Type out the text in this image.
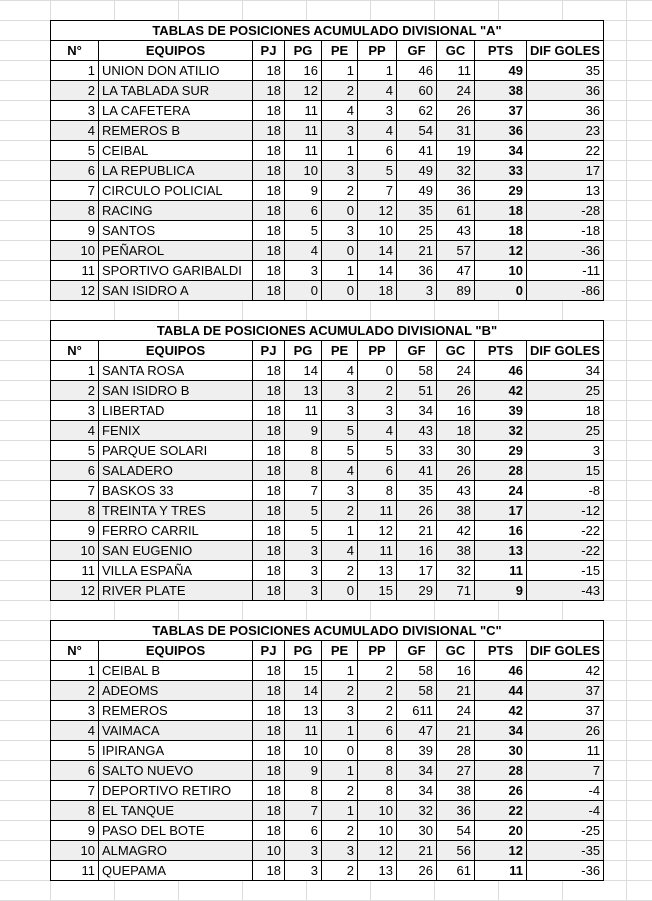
TABLAS DE POSICIONES ACUMULADO DIVISIONAL "A"									
N°	EQUIPOS	PJ	PG	PE	PP	GF	GC	PTS	DIF GOLES
1	UNION DON ATILIO	18	16	1	1	46	11	49	35
2	LA TABLADA SUR	18	12	2	4	60	24	38	36
3	LA CAFETERA	18	11	4	3	62	26	37	36
4	REMEROS B	18	11	3	4	54	31	36	23
5	CEIBAL	18	11	1	6	41	19	34	22
6	LA REPUBLICA	18	10	3	5	49	32	33	17
7	CIRCULO POLICIAL	18	9	2	7	49	36	29	13
8	RACING	18	6	0	12	35	61	18	-28
9	SANTOS	18	5	3	10	25	43	18	-18
10	PEÑAROL	18	4	0	14	21	57	12	-36
11	SPORTIVO GARIBALDI	18	3	1	14	36	47	10	-11
12	SAN ISIDRO A	18	0	0	18	3	89	0	-86
TABLA DE POSICIONES ACUMULADO DIVISIONAL "B"									
N°	EQUIPOS	PJ	PG	PE	PP	GF	GC	PTS	DIF GOLES
1	SANTA ROSA	18	14	4	0	58	24	46	34
2	SAN ISIDRO B	18	13	3	2	51	26	42	25
3	LIBERTAD	18	11	3	3	34	16	39	18
4	FENIX	18	9	5	4	43	18	32	25
5	PARQUE SOLARI	18	8	5	5	33	30	29	3
6	SALADERO	18	8	4	6	41	26	28	15
7	BASKOS 33	18	7	3	8	35	43	24	-8
8	TREINTA Y TRES	18	5	2	11	26	38	17	-12
9	FERRO CARRIL	18	5	1	12	21	42	16	-22
10	SAN EUGENIO	18	3	4	11	16	38	13	-22
11	VILLA ESPAÑA	18	3	2	13	17	32	11	-15
12	RIVER PLATE	18	3	0	15	29	71	9	-43
TABLAS DE POSICIONES ACUMULADO DIVISIONAL "C"									
N°	EQUIPOS	PJ	PG	PE	PP	GF	GC	PTS	DIF GOLES
1	CEIBAL B	18	15	1	2	58	16	46	42
2	ADEOMS	18	14	2	2	58	21	44	37
3	REMEROS	18	13	3	2	611	24	42	37
4	VAIMACA	18	11	1	6	47	21	34	26
5	IPIRANGA	18	10	0	8	39	28	30	11
6	SALTO NUEVO	18	9	1	8	34	27	28	7
7	DEPORTIVO RETIRO	18	8	2	8	34	38	26	-4
8	EL TANQUE	18	7	1	10	32	36	22	-4
9	PASO DEL BOTE	18	6	2	10	30	54	20	-25
10	ALMAGRO	10	3	3	12	21	56	12	-35
11	QUEPAMA	18	3	2	13	26	61	11	-36
